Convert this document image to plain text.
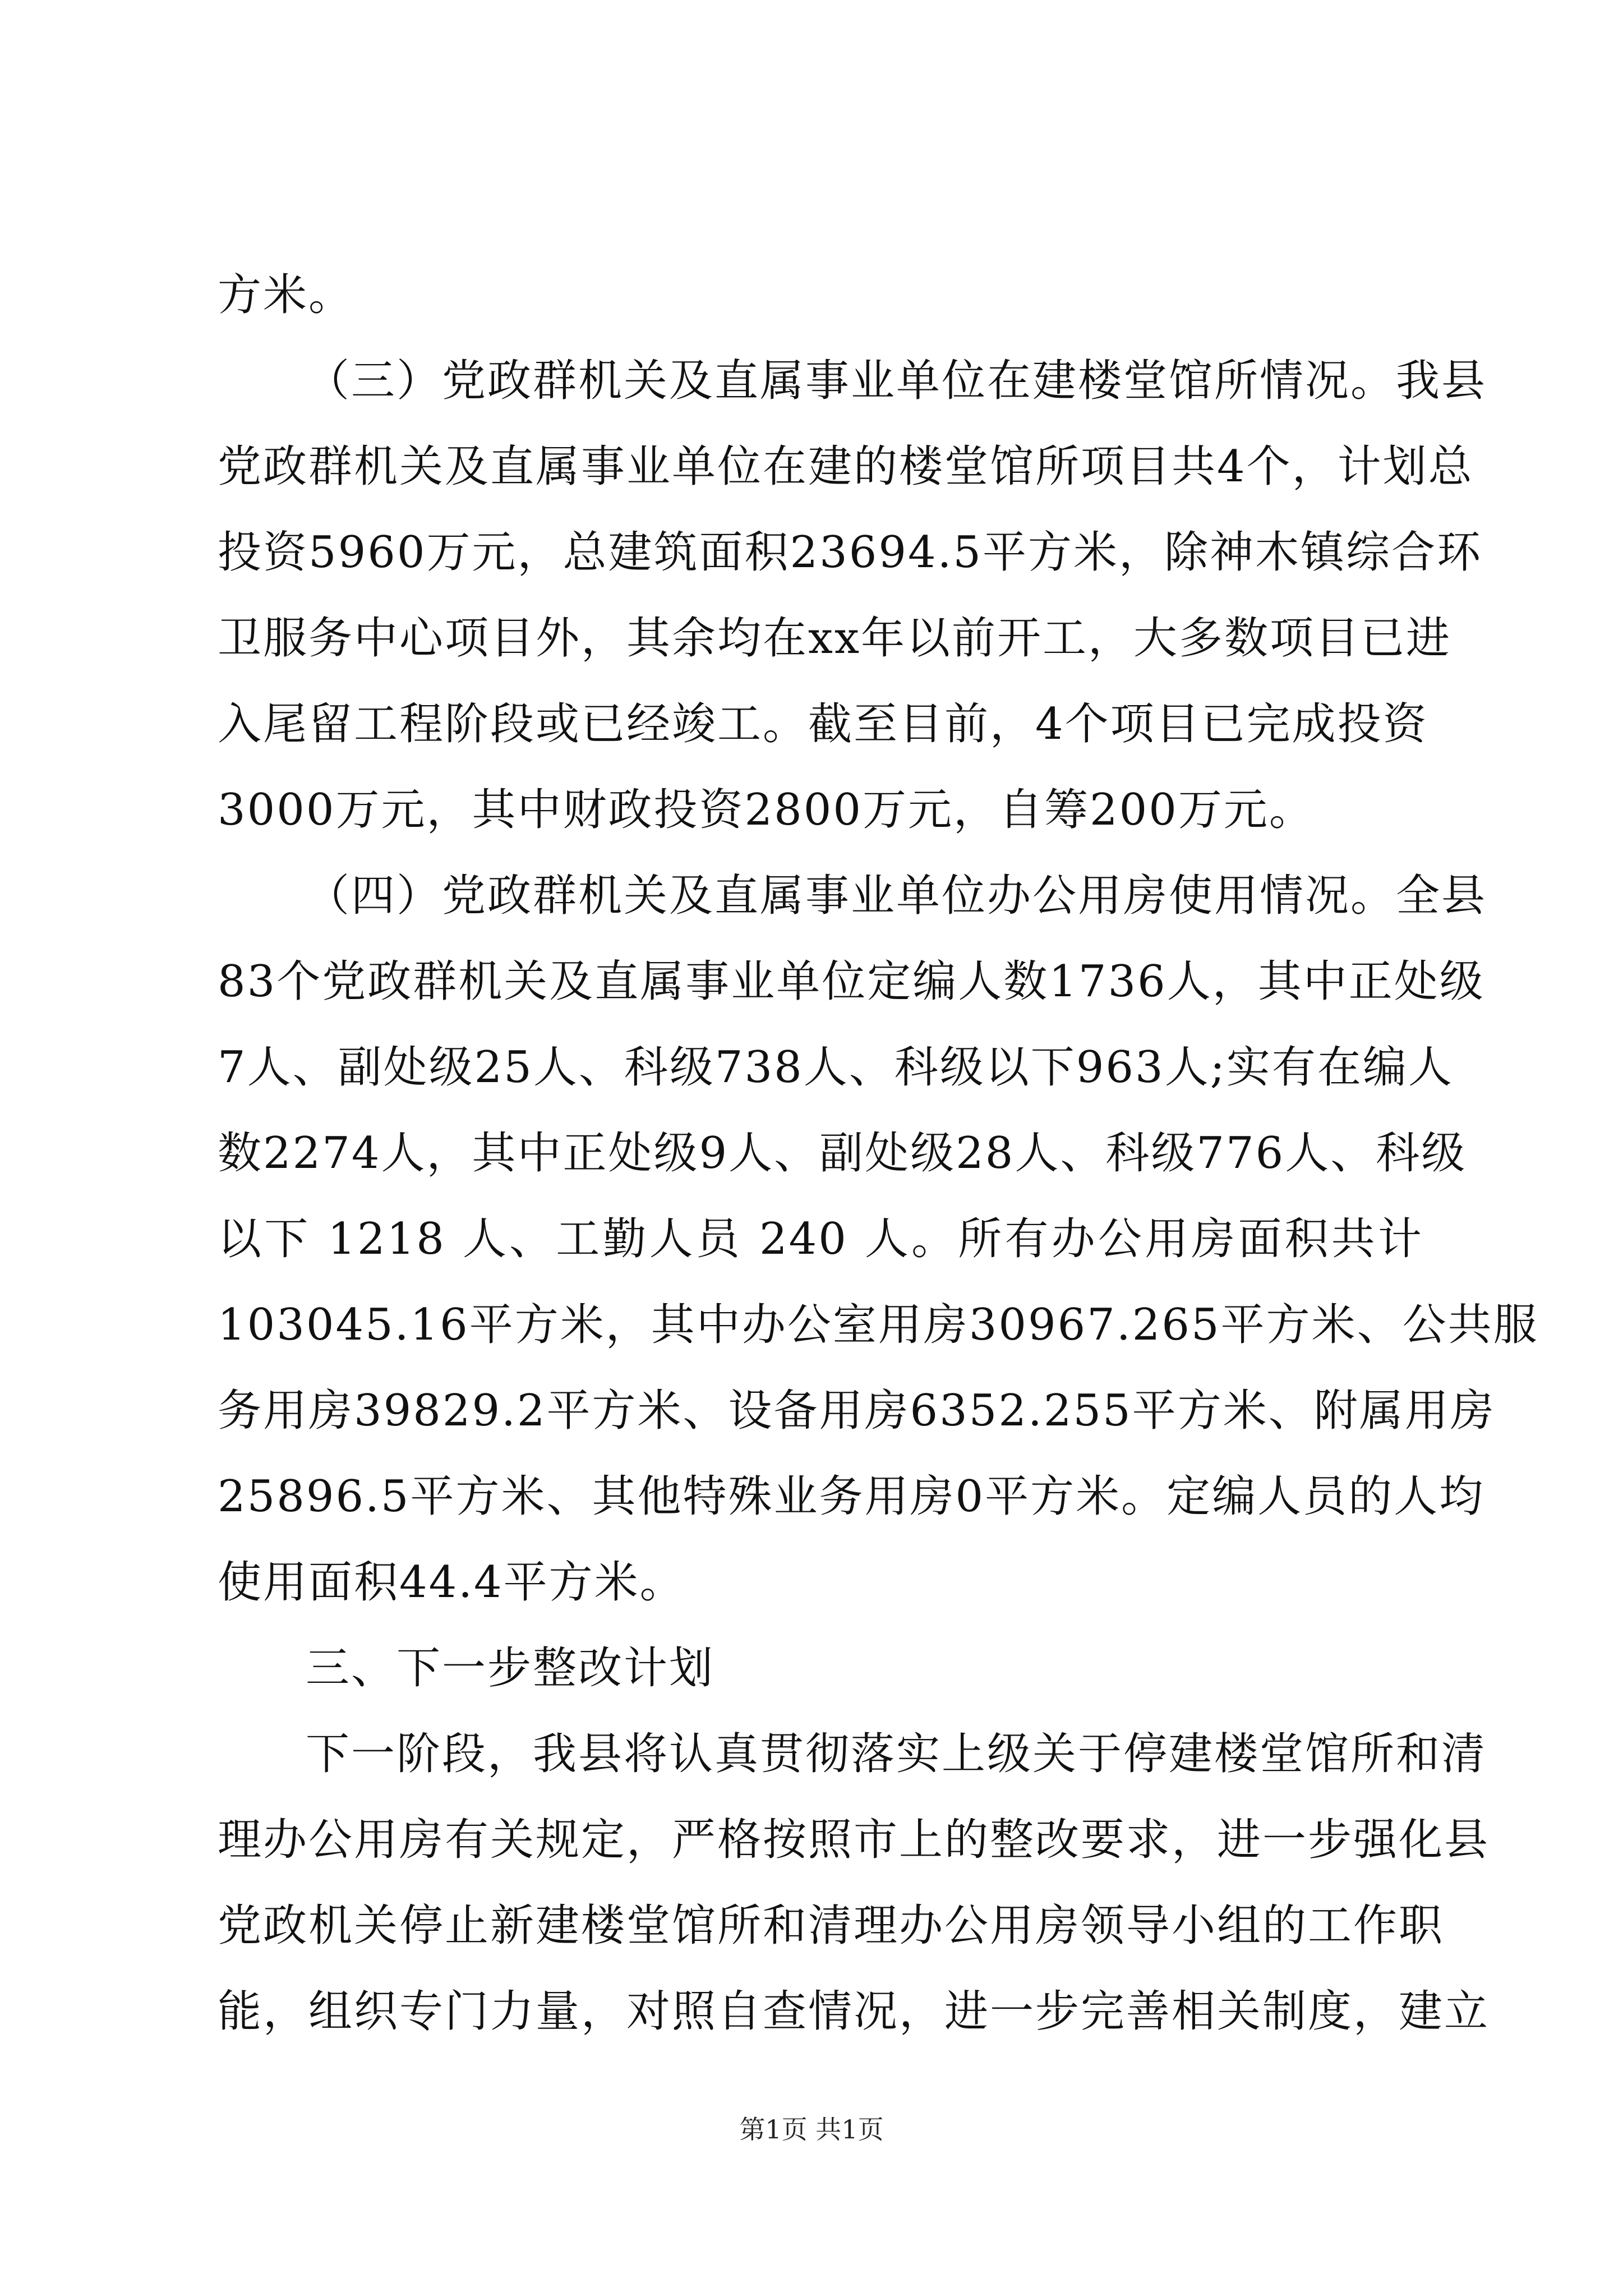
方米。
（三）党政群机关及直属事业单位在建楼堂馆所情况。我县
党政群机关及直属事业单位在建的楼堂馆所项目共4个，计划总
投资5960万元，总建筑面积23694.5平方米，除神木镇综合环
卫服务中心项目外，其余均在xx年以前开工，大多数项目已进
入尾留工程阶段或已经竣工。截至目前，4个项目已完成投资
3000万元，其中财政投资2800万元，自筹200万元。
（四）党政群机关及直属事业单位办公用房使用情况。全县
83个党政群机关及直属事业单位定编人数1736人，其中正处级
7人、副处级25人、科级738人、科级以下963人;实有在编人
数2274人，其中正处级9人、副处级28人、科级776人、科级
以下 1218 人、工勤人员 240 人。所有办公用房面积共计
103045.16平方米，其中办公室用房30967.265平方米、公共服
务用房39829.2平方米、设备用房6352.255平方米、附属用房
25896.5平方米、其他特殊业务用房0平方米。定编人员的人均
使用面积44.4平方米。
三、下一步整改计划
下一阶段，我县将认真贯彻落实上级关于停建楼堂馆所和清
理办公用房有关规定，严格按照市上的整改要求，进一步强化县
党政机关停止新建楼堂馆所和清理办公用房领导小组的工作职
能，组织专门力量，对照自查情况，进一步完善相关制度，建立
第1页 共1页
